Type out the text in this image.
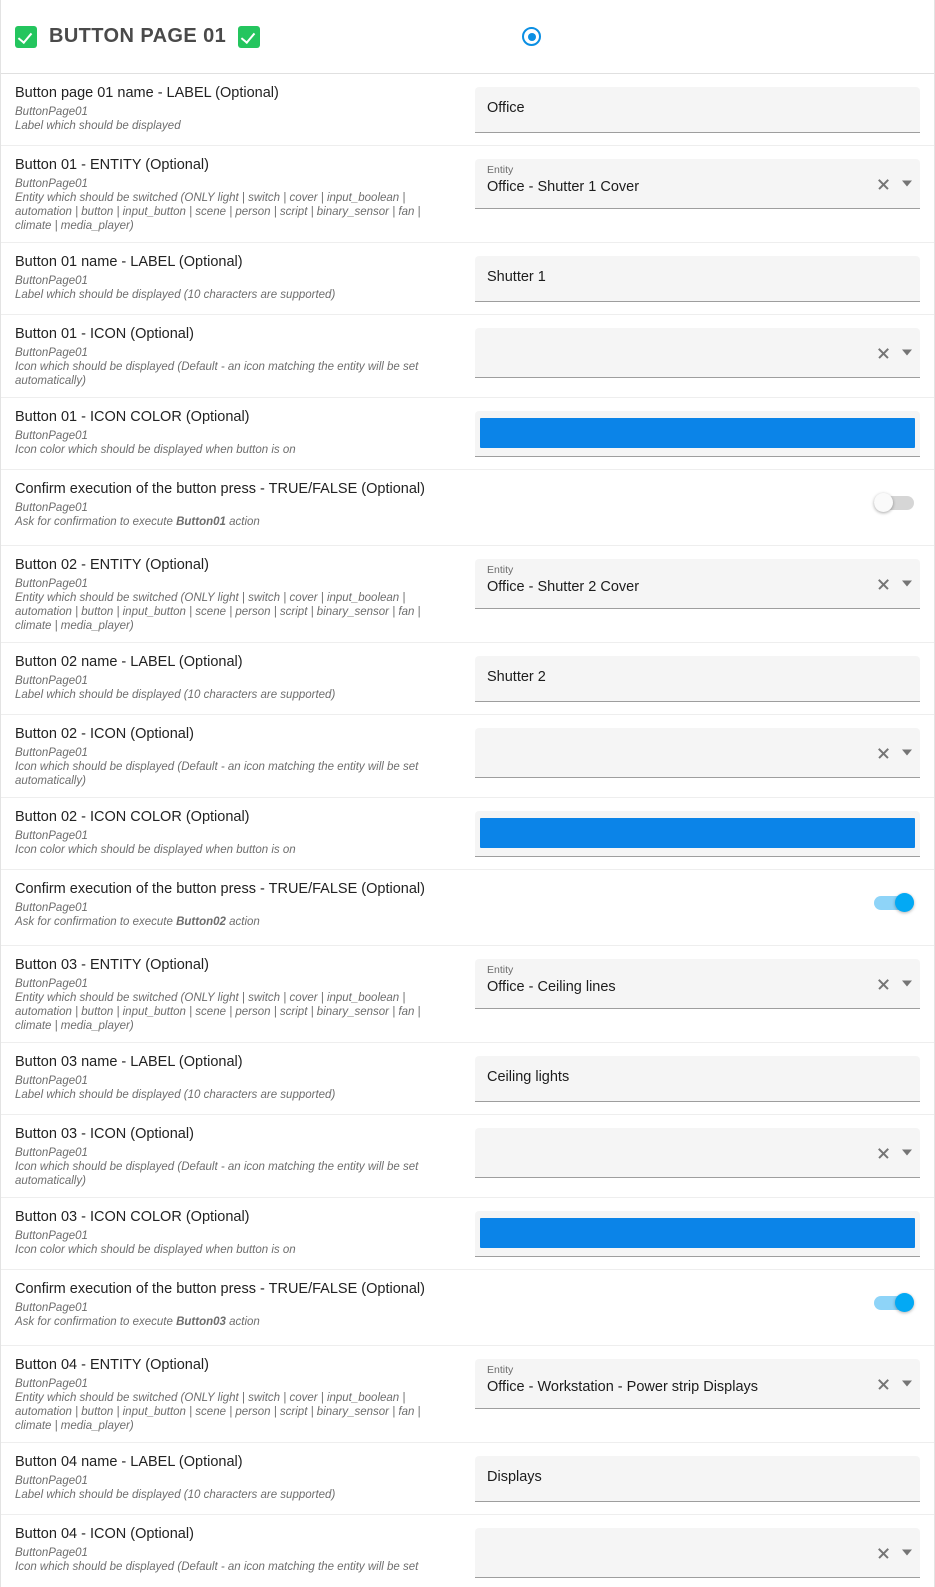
BUTTON PAGE 01
Button page 01 name - LABEL (Optional)
ButtonPage01
Label which should be displayed
Office
Button 01 - ENTITY (Optional)
ButtonPage01
Entity which should be switched (ONLY light | switch | cover | input_boolean | automation | button | input_button | scene | person | script | binary_sensor | fan | climate | media_player)
Entity
Office - Shutter 1 Cover
Button 01 name - LABEL (Optional)
ButtonPage01
Label which should be displayed (10 characters are supported)
Shutter 1
Button 01 - ICON (Optional)
ButtonPage01
Icon which should be displayed (Default - an icon matching the entity will be set automatically)

Button 01 - ICON COLOR (Optional)
ButtonPage01
Icon color which should be displayed when button is on
Confirm execution of the button press - TRUE/FALSE (Optional)
ButtonPage01
Ask for confirmation to execute Button01 action
Button 02 - ENTITY (Optional)
ButtonPage01
Entity which should be switched (ONLY light | switch | cover | input_boolean | automation | button | input_button | scene | person | script | binary_sensor | fan | climate | media_player)
Entity
Office - Shutter 2 Cover
Button 02 name - LABEL (Optional)
ButtonPage01
Label which should be displayed (10 characters are supported)
Shutter 2
Button 02 - ICON (Optional)
ButtonPage01
Icon which should be displayed (Default - an icon matching the entity will be set automatically)

Button 02 - ICON COLOR (Optional)
ButtonPage01
Icon color which should be displayed when button is on
Confirm execution of the button press - TRUE/FALSE (Optional)
ButtonPage01
Ask for confirmation to execute Button02 action
Button 03 - ENTITY (Optional)
ButtonPage01
Entity which should be switched (ONLY light | switch | cover | input_boolean | automation | button | input_button | scene | person | script | binary_sensor | fan | climate | media_player)
Entity
Office - Ceiling lines
Button 03 name - LABEL (Optional)
ButtonPage01
Label which should be displayed (10 characters are supported)
Ceiling lights
Button 03 - ICON (Optional)
ButtonPage01
Icon which should be displayed (Default - an icon matching the entity will be set automatically)

Button 03 - ICON COLOR (Optional)
ButtonPage01
Icon color which should be displayed when button is on
Confirm execution of the button press - TRUE/FALSE (Optional)
ButtonPage01
Ask for confirmation to execute Button03 action
Button 04 - ENTITY (Optional)
ButtonPage01
Entity which should be switched (ONLY light | switch | cover | input_boolean | automation | button | input_button | scene | person | script | binary_sensor | fan | climate | media_player)
Entity
Office - Workstation - Power strip Displays
Button 04 name - LABEL (Optional)
ButtonPage01
Label which should be displayed (10 characters are supported)
Displays
Button 04 - ICON (Optional)
ButtonPage01
Icon which should be displayed (Default - an icon matching the entity will be set
